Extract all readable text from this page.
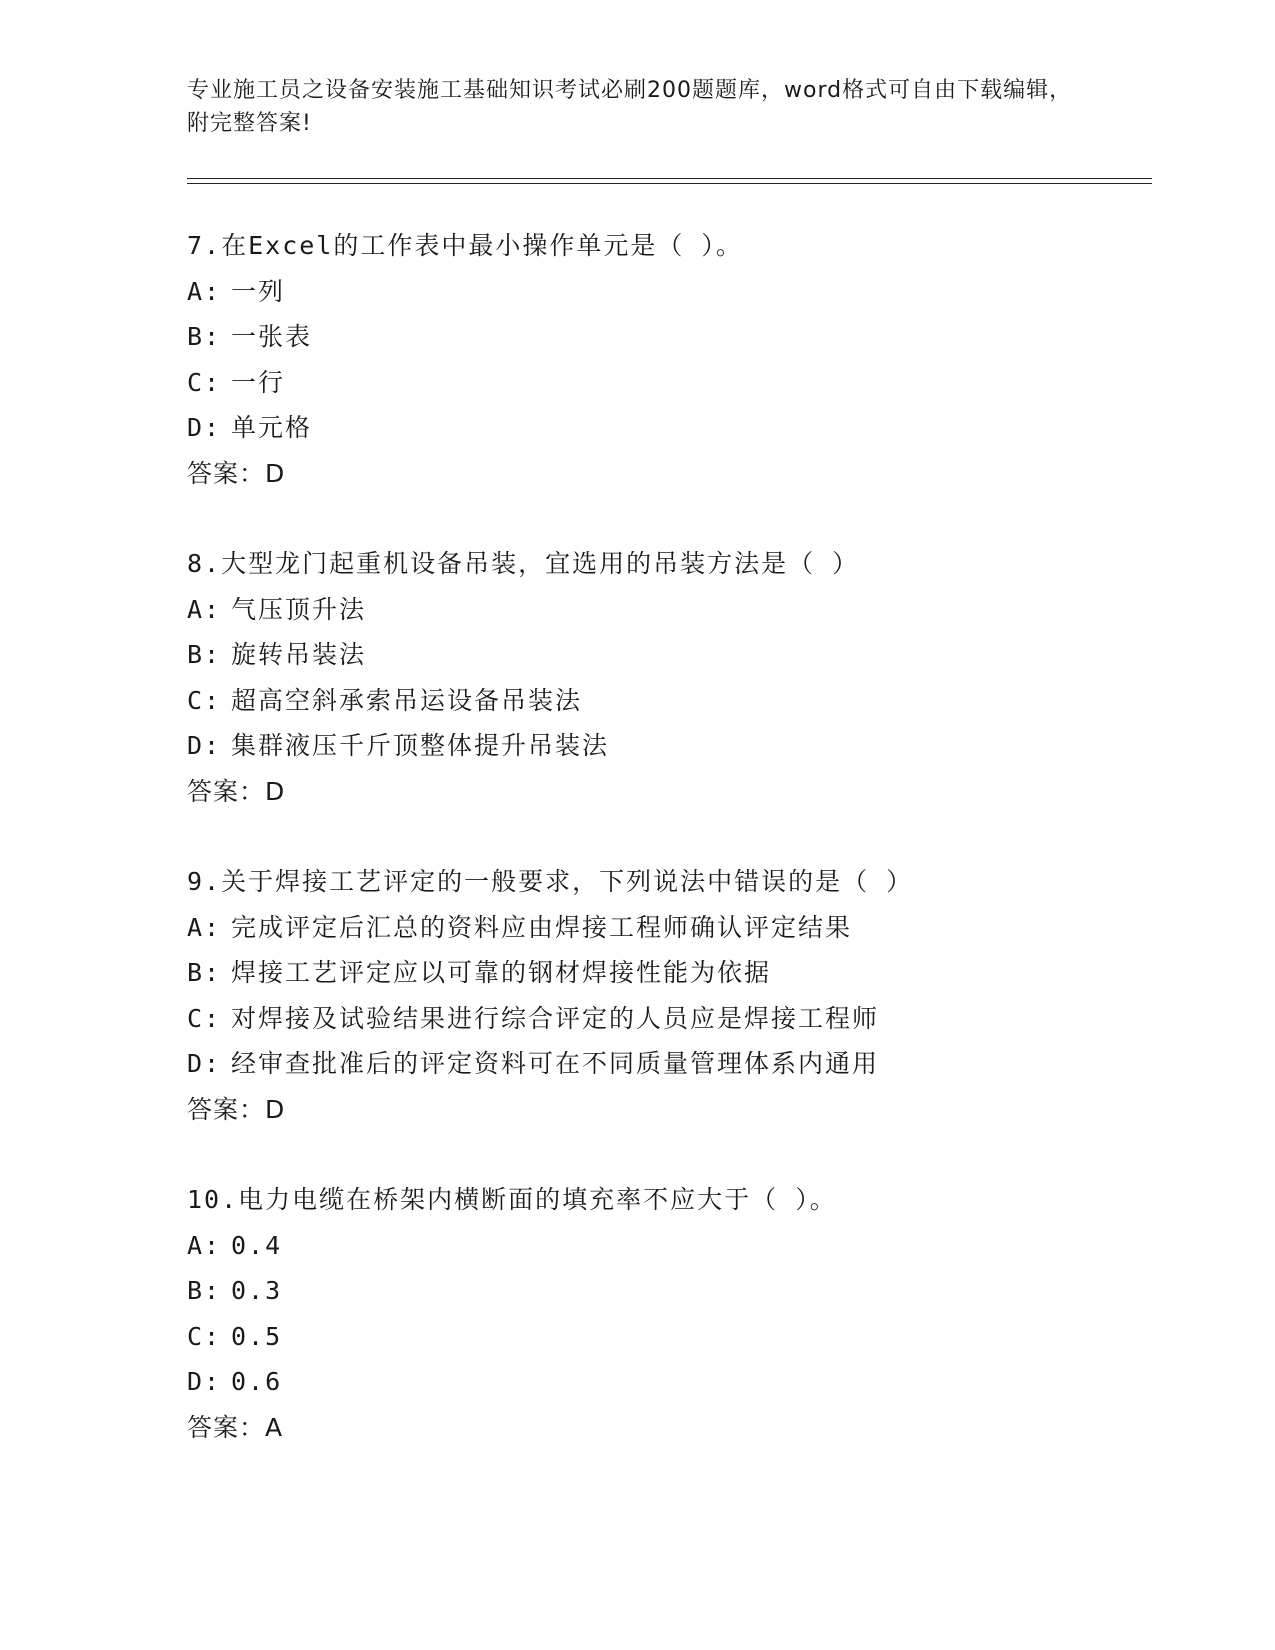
专业施工员之设备安装施工基础知识考试必刷200题题库，word格式可自由下载编辑，附完整答案!
7.在Excel的工作表中最小操作单元是（ ）。
A: 一列
B: 一张表
C: 一行
D: 单元格
答案：D
8.大型龙门起重机设备吊装，宜选用的吊装方法是（ ）
A: 气压顶升法
B: 旋转吊装法
C: 超高空斜承索吊运设备吊装法
D: 集群液压千斤顶整体提升吊装法
答案：D
9.关于焊接工艺评定的一般要求，下列说法中错误的是（ ）
A: 完成评定后汇总的资料应由焊接工程师确认评定结果
B: 焊接工艺评定应以可靠的钢材焊接性能为依据
C: 对焊接及试验结果进行综合评定的人员应是焊接工程师
D: 经审查批准后的评定资料可在不同质量管理体系内通用
答案：D
10.电力电缆在桥架内横断面的填充率不应大于（ ）。
A: 0.4
B: 0.3
C: 0.5
D: 0.6
答案：A
